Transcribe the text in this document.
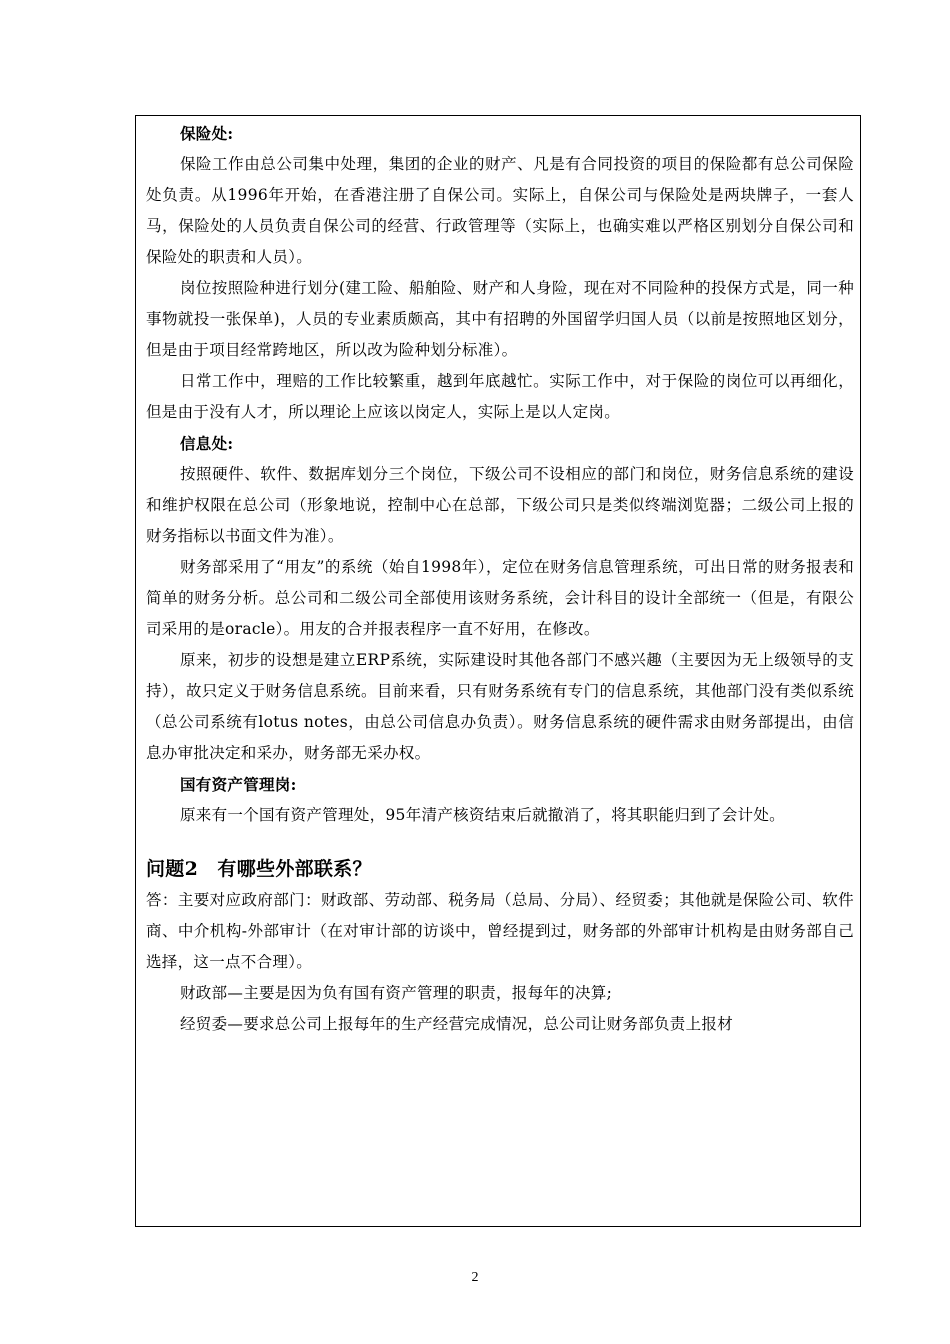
保险处:
保险工作由总公司集中处理，集团的企业的财产、凡是有合同投资的项目的保险都有总公司保险处负责。从1996年开始，在香港注册了自保公司。实际上，自保公司与保险处是两块牌子，一套人马，保险处的人员负责自保公司的经营、行政管理等（实际上，也确实难以严格区别划分自保公司和保险处的职责和人员）。
岗位按照险种进行划分(建工险、船舶险、财产和人身险，现在对不同险种的投保方式是，同一种事物就投一张保单)，人员的专业素质颇高，其中有招聘的外国留学归国人员（以前是按照地区划分，但是由于项目经常跨地区，所以改为险种划分标准）。
日常工作中，理赔的工作比较繁重，越到年底越忙。实际工作中，对于保险的岗位可以再细化，但是由于没有人才，所以理论上应该以岗定人，实际上是以人定岗。
信息处:
按照硬件、软件、数据库划分三个岗位，下级公司不设相应的部门和岗位，财务信息系统的建设和维护权限在总公司（形象地说，控制中心在总部，下级公司只是类似终端浏览器；二级公司上报的财务指标以书面文件为准）。
财务部采用了“用友”的系统（始自1998年），定位在财务信息管理系统，可出日常的财务报表和简单的财务分析。总公司和二级公司全部使用该财务系统，会计科目的设计全部统一（但是，有限公司采用的是oracle）。用友的合并报表程序一直不好用，在修改。
原来，初步的设想是建立ERP系统，实际建设时其他各部门不感兴趣（主要因为无上级领导的支持），故只定义于财务信息系统。目前来看，只有财务系统有专门的信息系统，其他部门没有类似系统（总公司系统有lotus notes，由总公司信息办负责）。财务信息系统的硬件需求由财务部提出，由信息办审批决定和采办，财务部无采办权。
国有资产管理岗:
原来有一个国有资产管理处，95年清产核资结束后就撤消了，将其职能归到了会计处。
问题2　有哪些外部联系？
答：主要对应政府部门：财政部、劳动部、税务局（总局、分局）、经贸委；其他就是保险公司、软件商、中介机构-外部审计（在对审计部的访谈中，曾经提到过，财务部的外部审计机构是由财务部自己选择，这一点不合理）。
财政部—主要是因为负有国有资产管理的职责，报每年的决算;
经贸委—要求总公司上报每年的生产经营完成情况，总公司让财务部负责上报材
2
